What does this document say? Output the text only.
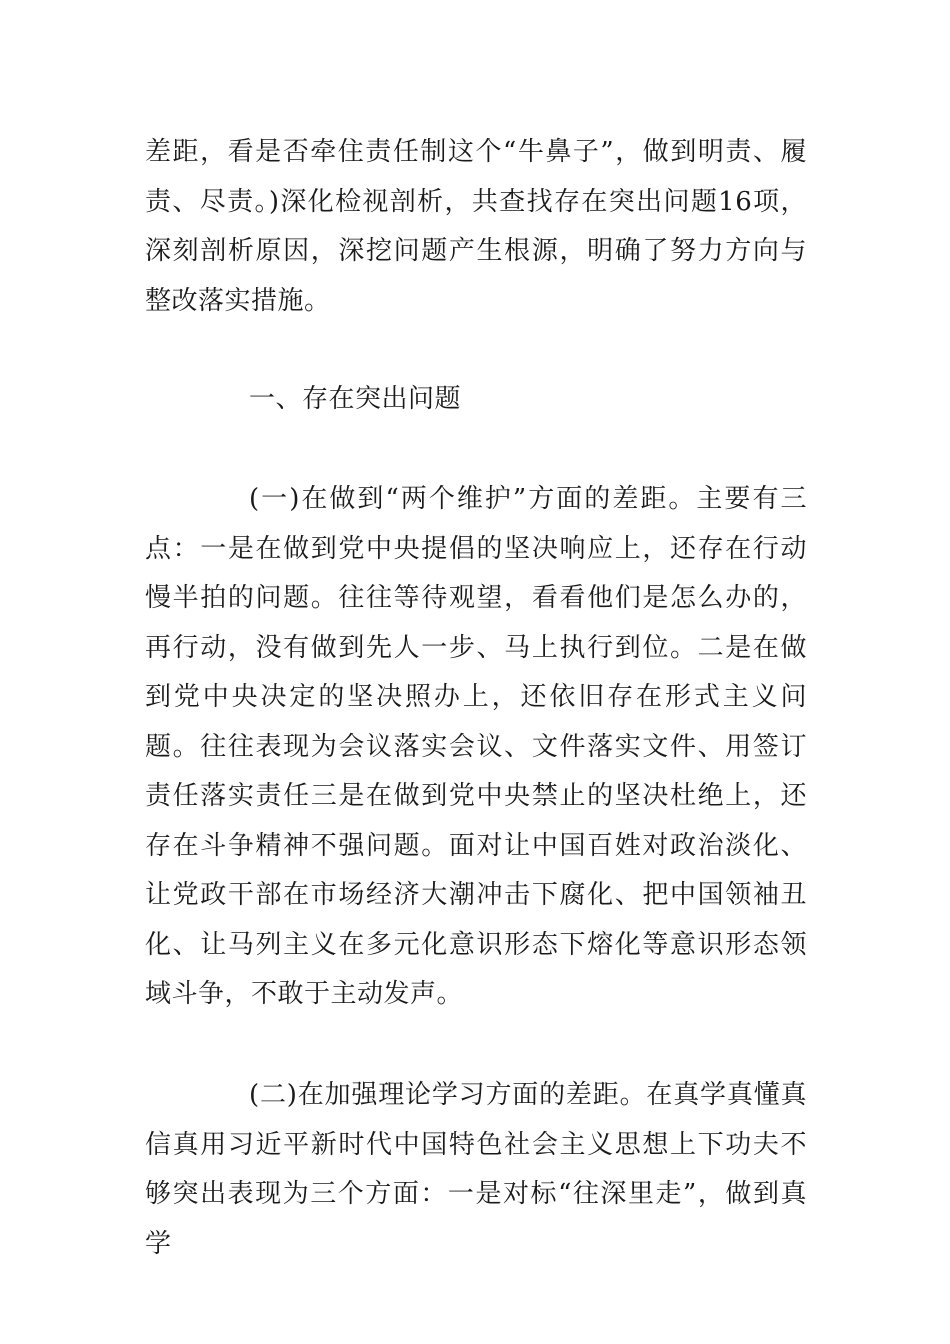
差距，看是否牵住责任制这个“牛鼻子”，做到明责、履责、尽责。)深化检视剖析，共查找存在突出问题16项，深刻剖析原因，深挖问题产生根源，明确了努力方向与整改落实措施。

一、存在突出问题

(一)在做到“两个维护”方面的差距。主要有三点：一是在做到党中央提倡的坚决响应上，还存在行动慢半拍的问题。往往等待观望，看看他们是怎么办的，再行动，没有做到先人一步、马上执行到位。二是在做到党中央决定的坚决照办上，还依旧存在形式主义问题。往往表现为会议落实会议、文件落实文件、用签订责任落实责任三是在做到党中央禁止的坚决杜绝上，还存在斗争精神不强问题。面对让中国百姓对政治淡化、让党政干部在市场经济大潮冲击下腐化、把中国领袖丑化、让马列主义在多元化意识形态下熔化等意识形态领域斗争，不敢于主动发声。

(二)在加强理论学习方面的差距。在真学真懂真信真用习近平新时代中国特色社会主义思想上下功夫不够突出表现为三个方面：一是对标“往深里走”，做到真学
